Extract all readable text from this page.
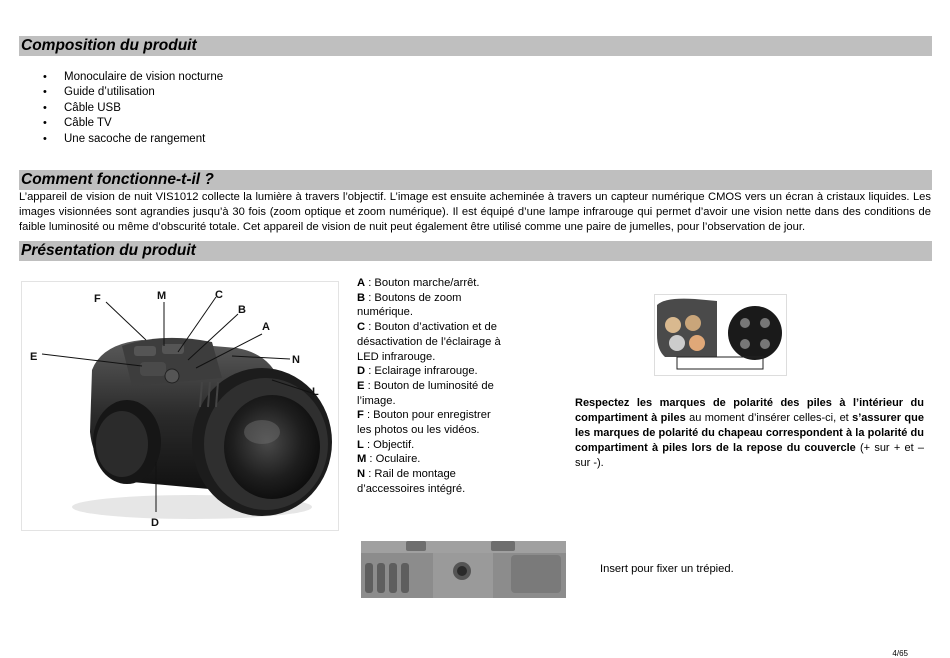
Composition du produit
• Monoculaire de vision nocturne
• Guide d’utilisation
• Câble USB
• Câble TV
• Une sacoche de rangement
Comment fonctionne-t-il ?
L’appareil de vision de nuit VIS1012 collecte la lumière à travers l’objectif. L’image est ensuite acheminée à travers un capteur numérique CMOS vers un écran à cristaux liquides. Les images visionnées sont agrandies jusqu’à 30 fois (zoom optique et zoom numérique). Il est équipé d’une lampe infrarouge qui permet d’avoir une vision nette dans des conditions de faible luminosité ou même d’obscurité totale. Cet appareil de vision de nuit peut également être utilisé comme une paire de jumelles, pour l’observation de jour.
Présentation du produit
F	M	C
B
A
E	N
L
D
A : Bouton marche/arrêt.
B : Boutons de zoom numérique.
C : Bouton d’activation et de désactivation de l’éclairage à LED infrarouge.
D : Eclairage infrarouge.
E : Bouton de luminosité de l’image.
F : Bouton pour enregistrer les photos ou les vidéos.
L : Objectif.
M : Oculaire.
N : Rail de montage d’accessoires intégré.
Respectez les marques de polarité des piles à l’intérieur du compartiment à piles au moment d’insérer celles-ci, et s’assurer que les marques de polarité du chapeau correspondent à la polarité du compartiment à piles lors de la repose du couvercle (+ sur + et – sur -).
Insert pour fixer un trépied.
4/65
